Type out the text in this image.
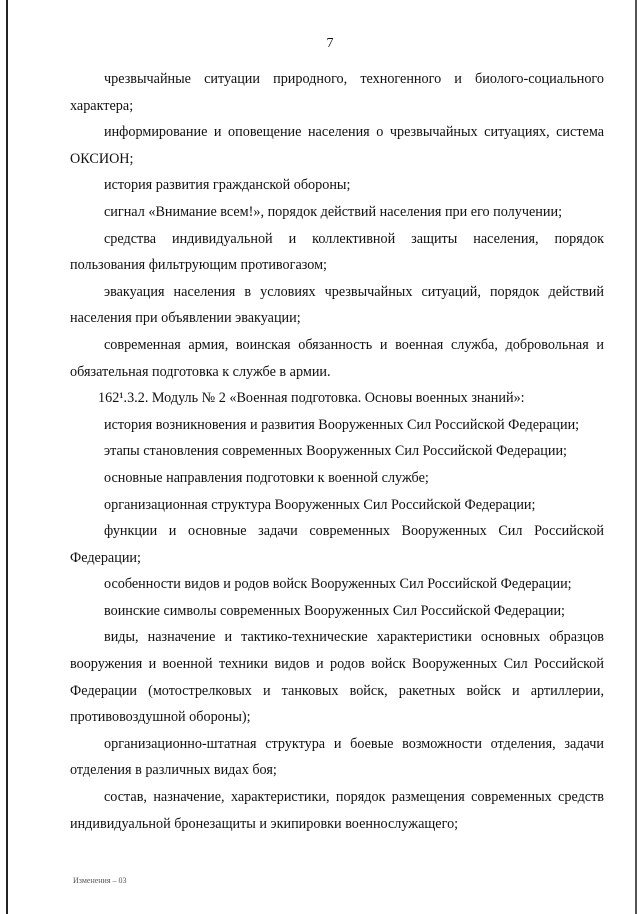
7

чрезвычайные ситуации природного, техногенного и биолого-социального характера;

информирование и оповещение населения о чрезвычайных ситуациях, система ОКСИОН;

история развития гражданской обороны;

сигнал «Внимание всем!», порядок действий населения при его получении;

средства индивидуальной и коллективной защиты населения, порядок пользования фильтрующим противогазом;

эвакуация населения в условиях чрезвычайных ситуаций, порядок действий населения при объявлении эвакуации;

современная армия, воинская обязанность и военная служба, добровольная и обязательная подготовка к службе в армии.

162¹.3.2. Модуль № 2 «Военная подготовка. Основы военных знаний»:

история возникновения и развития Вооруженных Сил Российской Федерации;

этапы становления современных Вооруженных Сил Российской Федерации;

основные направления подготовки к военной службе;

организационная структура Вооруженных Сил Российской Федерации;

функции и основные задачи современных Вооруженных Сил Российской Федерации;

особенности видов и родов войск Вооруженных Сил Российской Федерации;

воинские символы современных Вооруженных Сил Российской Федерации;

виды, назначение и тактико-технические характеристики основных образцов вооружения и военной техники видов и родов войск Вооруженных Сил Российской Федерации (мотострелковых и танковых войск, ракетных войск и артиллерии, противовоздушной обороны);

организационно-штатная структура и боевые возможности отделения, задачи отделения в различных видах боя;

состав, назначение, характеристики, порядок размещения современных средств индивидуальной бронезащиты и экипировки военнослужащего;

Изменения – 03
